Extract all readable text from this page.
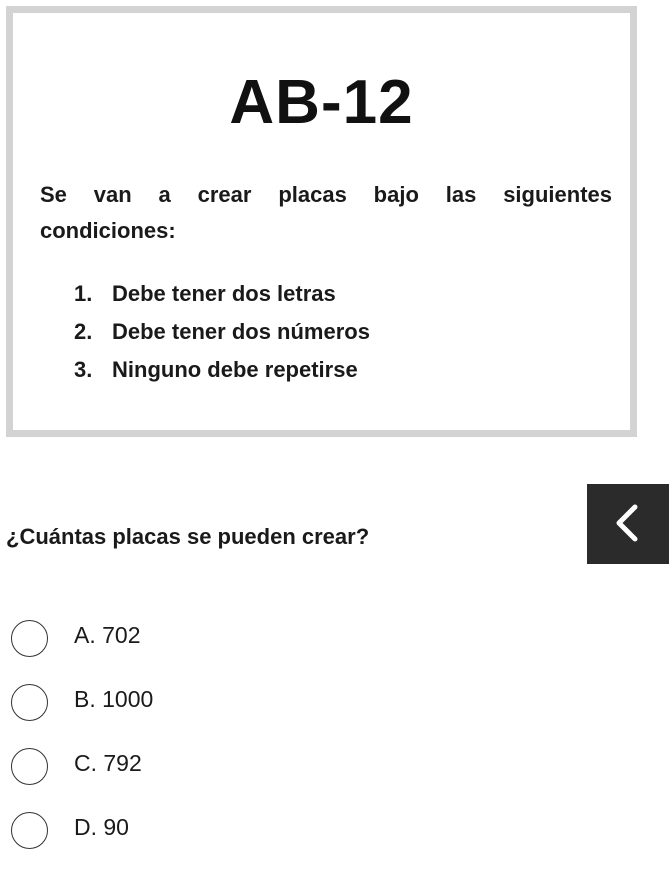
AB-12
Se van a crear placas bajo las siguientes condiciones:
1. Debe tener dos letras
2. Debe tener dos números
3. Ninguno debe repetirse
¿Cuántas placas se pueden crear?
A. 702
B. 1000
C. 792
D. 90
